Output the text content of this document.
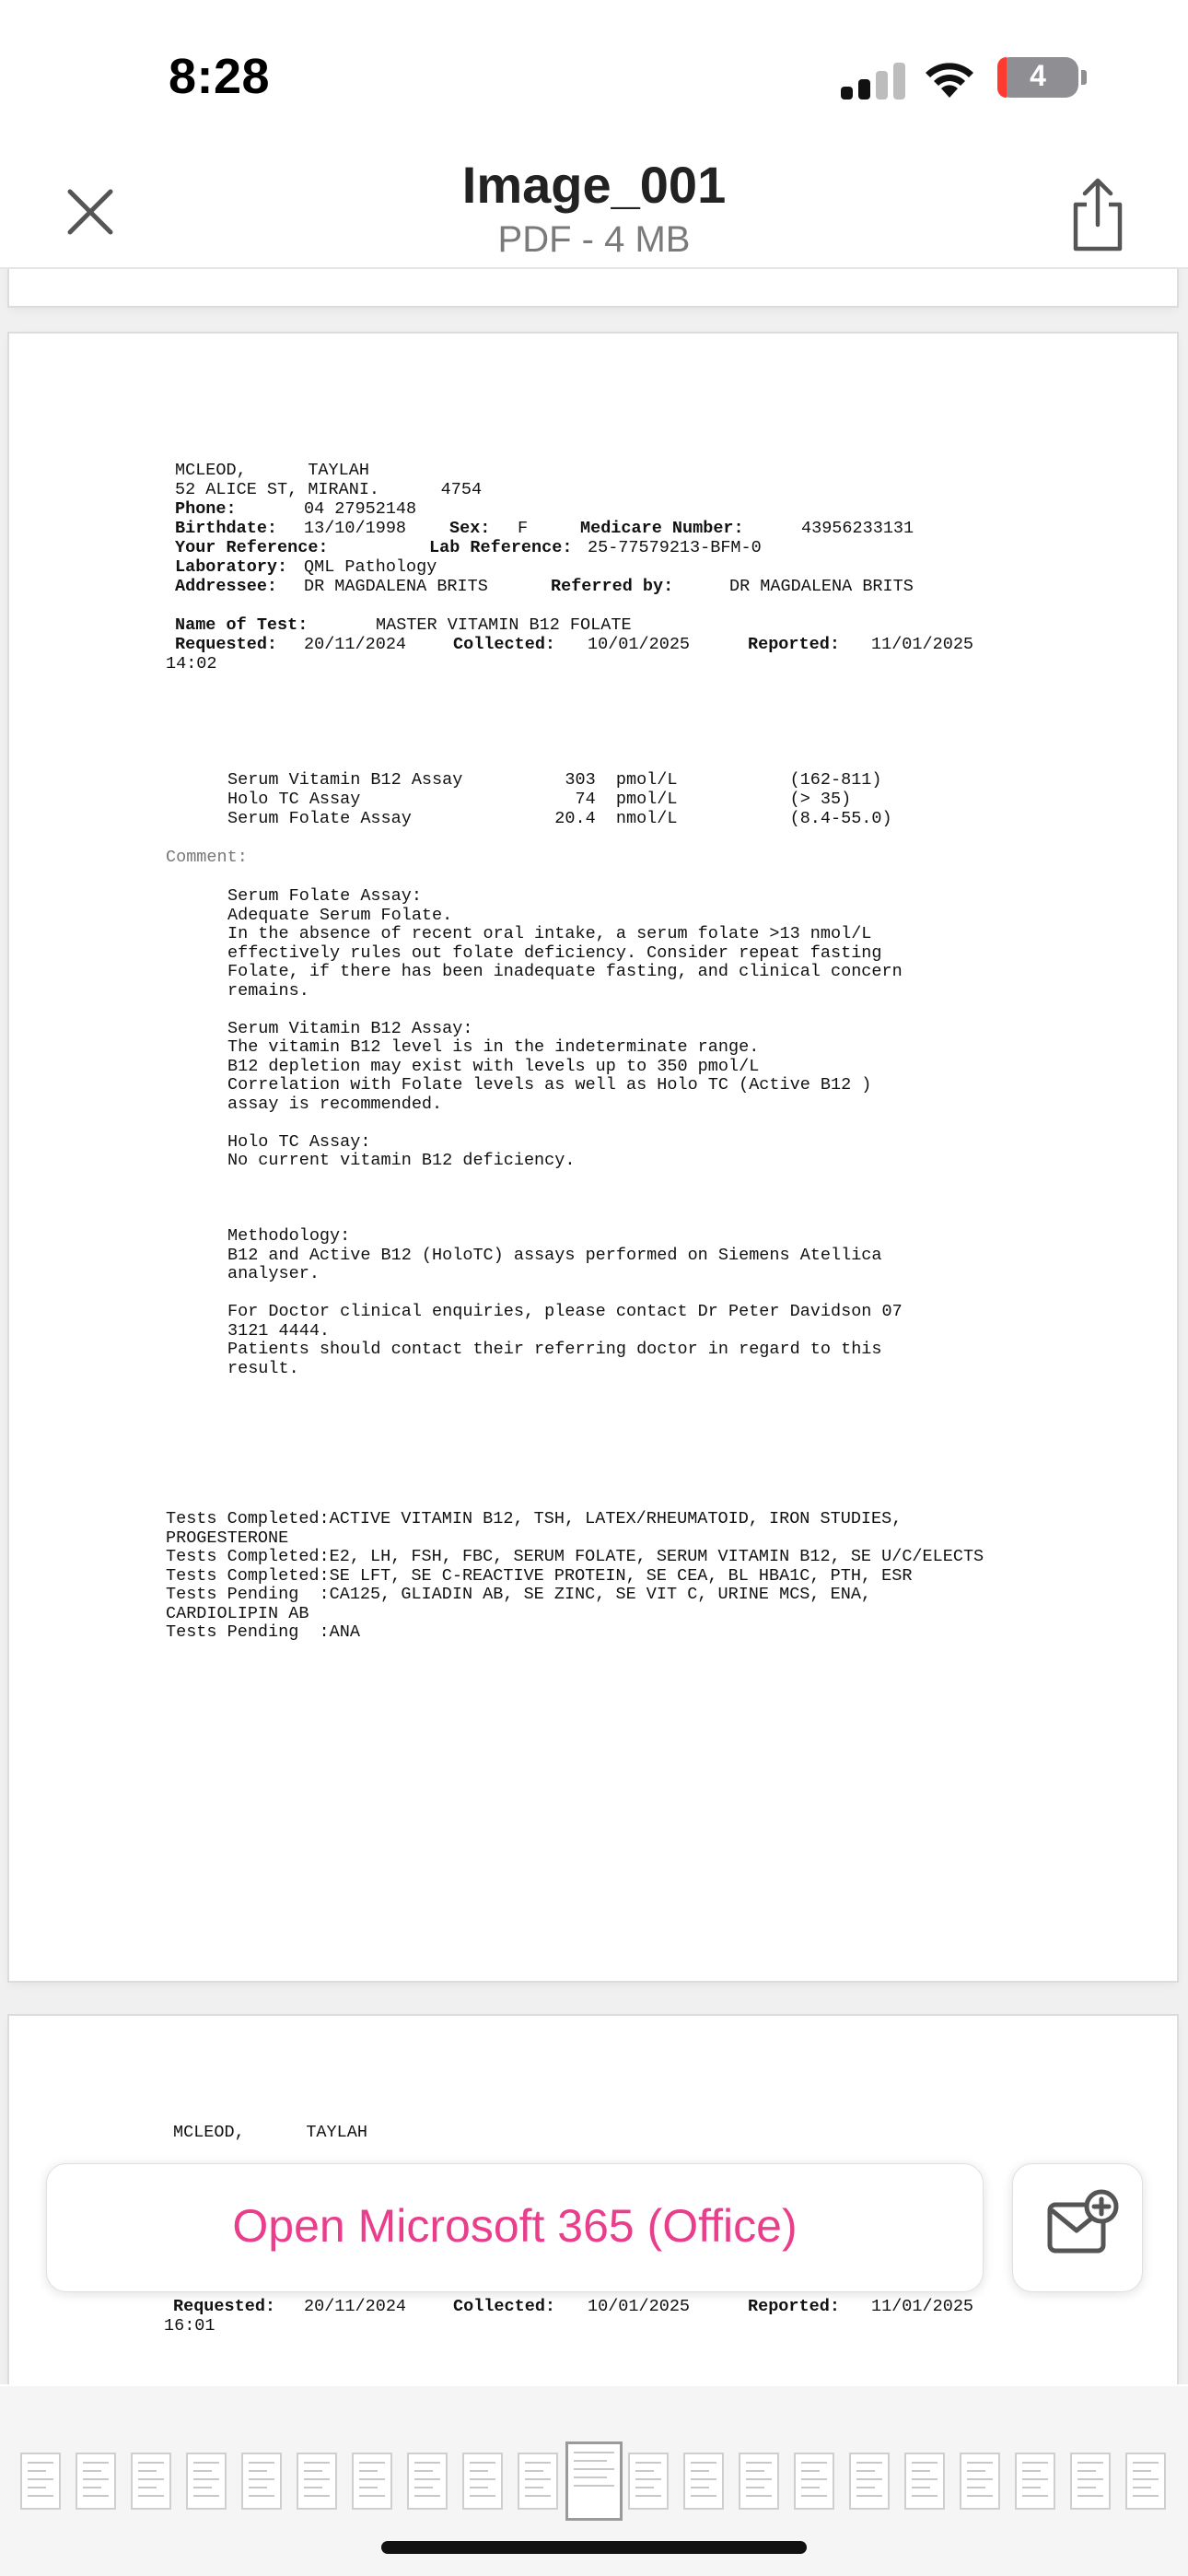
8:28	4
Image_001
PDF - 4 MB
MCLEOD,      TAYLAH
52 ALICE ST, MIRANI.      4754
Phone:	04 27952148
Birthdate: 13/10/1998	Sex: F	Medicare Number:	43956233131
Your Reference:	Lab Reference: 25-77579213-BFM-0
Laboratory: QML Pathology
Addressee: DR MAGDALENA BRITS	Referred by:	DR MAGDALENA BRITS
Name of Test:	MASTER VITAMIN B12 FOLATE
Requested: 20/11/2024	Collected: 10/01/2025	Reported: 11/01/2025
14:02
Serum Vitamin B12 Assay          303  pmol/L           (162-811)
Holo TC Assay                     74  pmol/L           (> 35)
Serum Folate Assay              20.4  nmol/L           (8.4-55.0)
Comment:
Serum Folate Assay:
Adequate Serum Folate.
In the absence of recent oral intake, a serum folate >13 nmol/L
effectively rules out folate deficiency. Consider repeat fasting
Folate, if there has been inadequate fasting, and clinical concern
remains.
Serum Vitamin B12 Assay:
The vitamin B12 level is in the indeterminate range.
B12 depletion may exist with levels up to 350 pmol/L
Correlation with Folate levels as well as Holo TC (Active B12 )
assay is recommended.
Holo TC Assay:
No current vitamin B12 deficiency.
Methodology:
B12 and Active B12 (HoloTC) assays performed on Siemens Atellica
analyser.
For Doctor clinical enquiries, please contact Dr Peter Davidson 07
3121 4444.
Patients should contact their referring doctor in regard to this
result.
Tests Completed:ACTIVE VITAMIN B12, TSH, LATEX/RHEUMATOID, IRON STUDIES,
PROGESTERONE
Tests Completed:E2, LH, FSH, FBC, SERUM FOLATE, SERUM VITAMIN B12, SE U/C/ELECTS
Tests Completed:SE LFT, SE C-REACTIVE PROTEIN, SE CEA, BL HBA1C, PTH, ESR
Tests Pending  :CA125, GLIADIN AB, SE ZINC, SE VIT C, URINE MCS, ENA,
CARDIOLIPIN AB
Tests Pending  :ANA
MCLEOD,      TAYLAH
Requested: 20/11/2024	Collected: 10/01/2025	Reported: 11/01/2025
16:01
Open Microsoft 365 (Office)
